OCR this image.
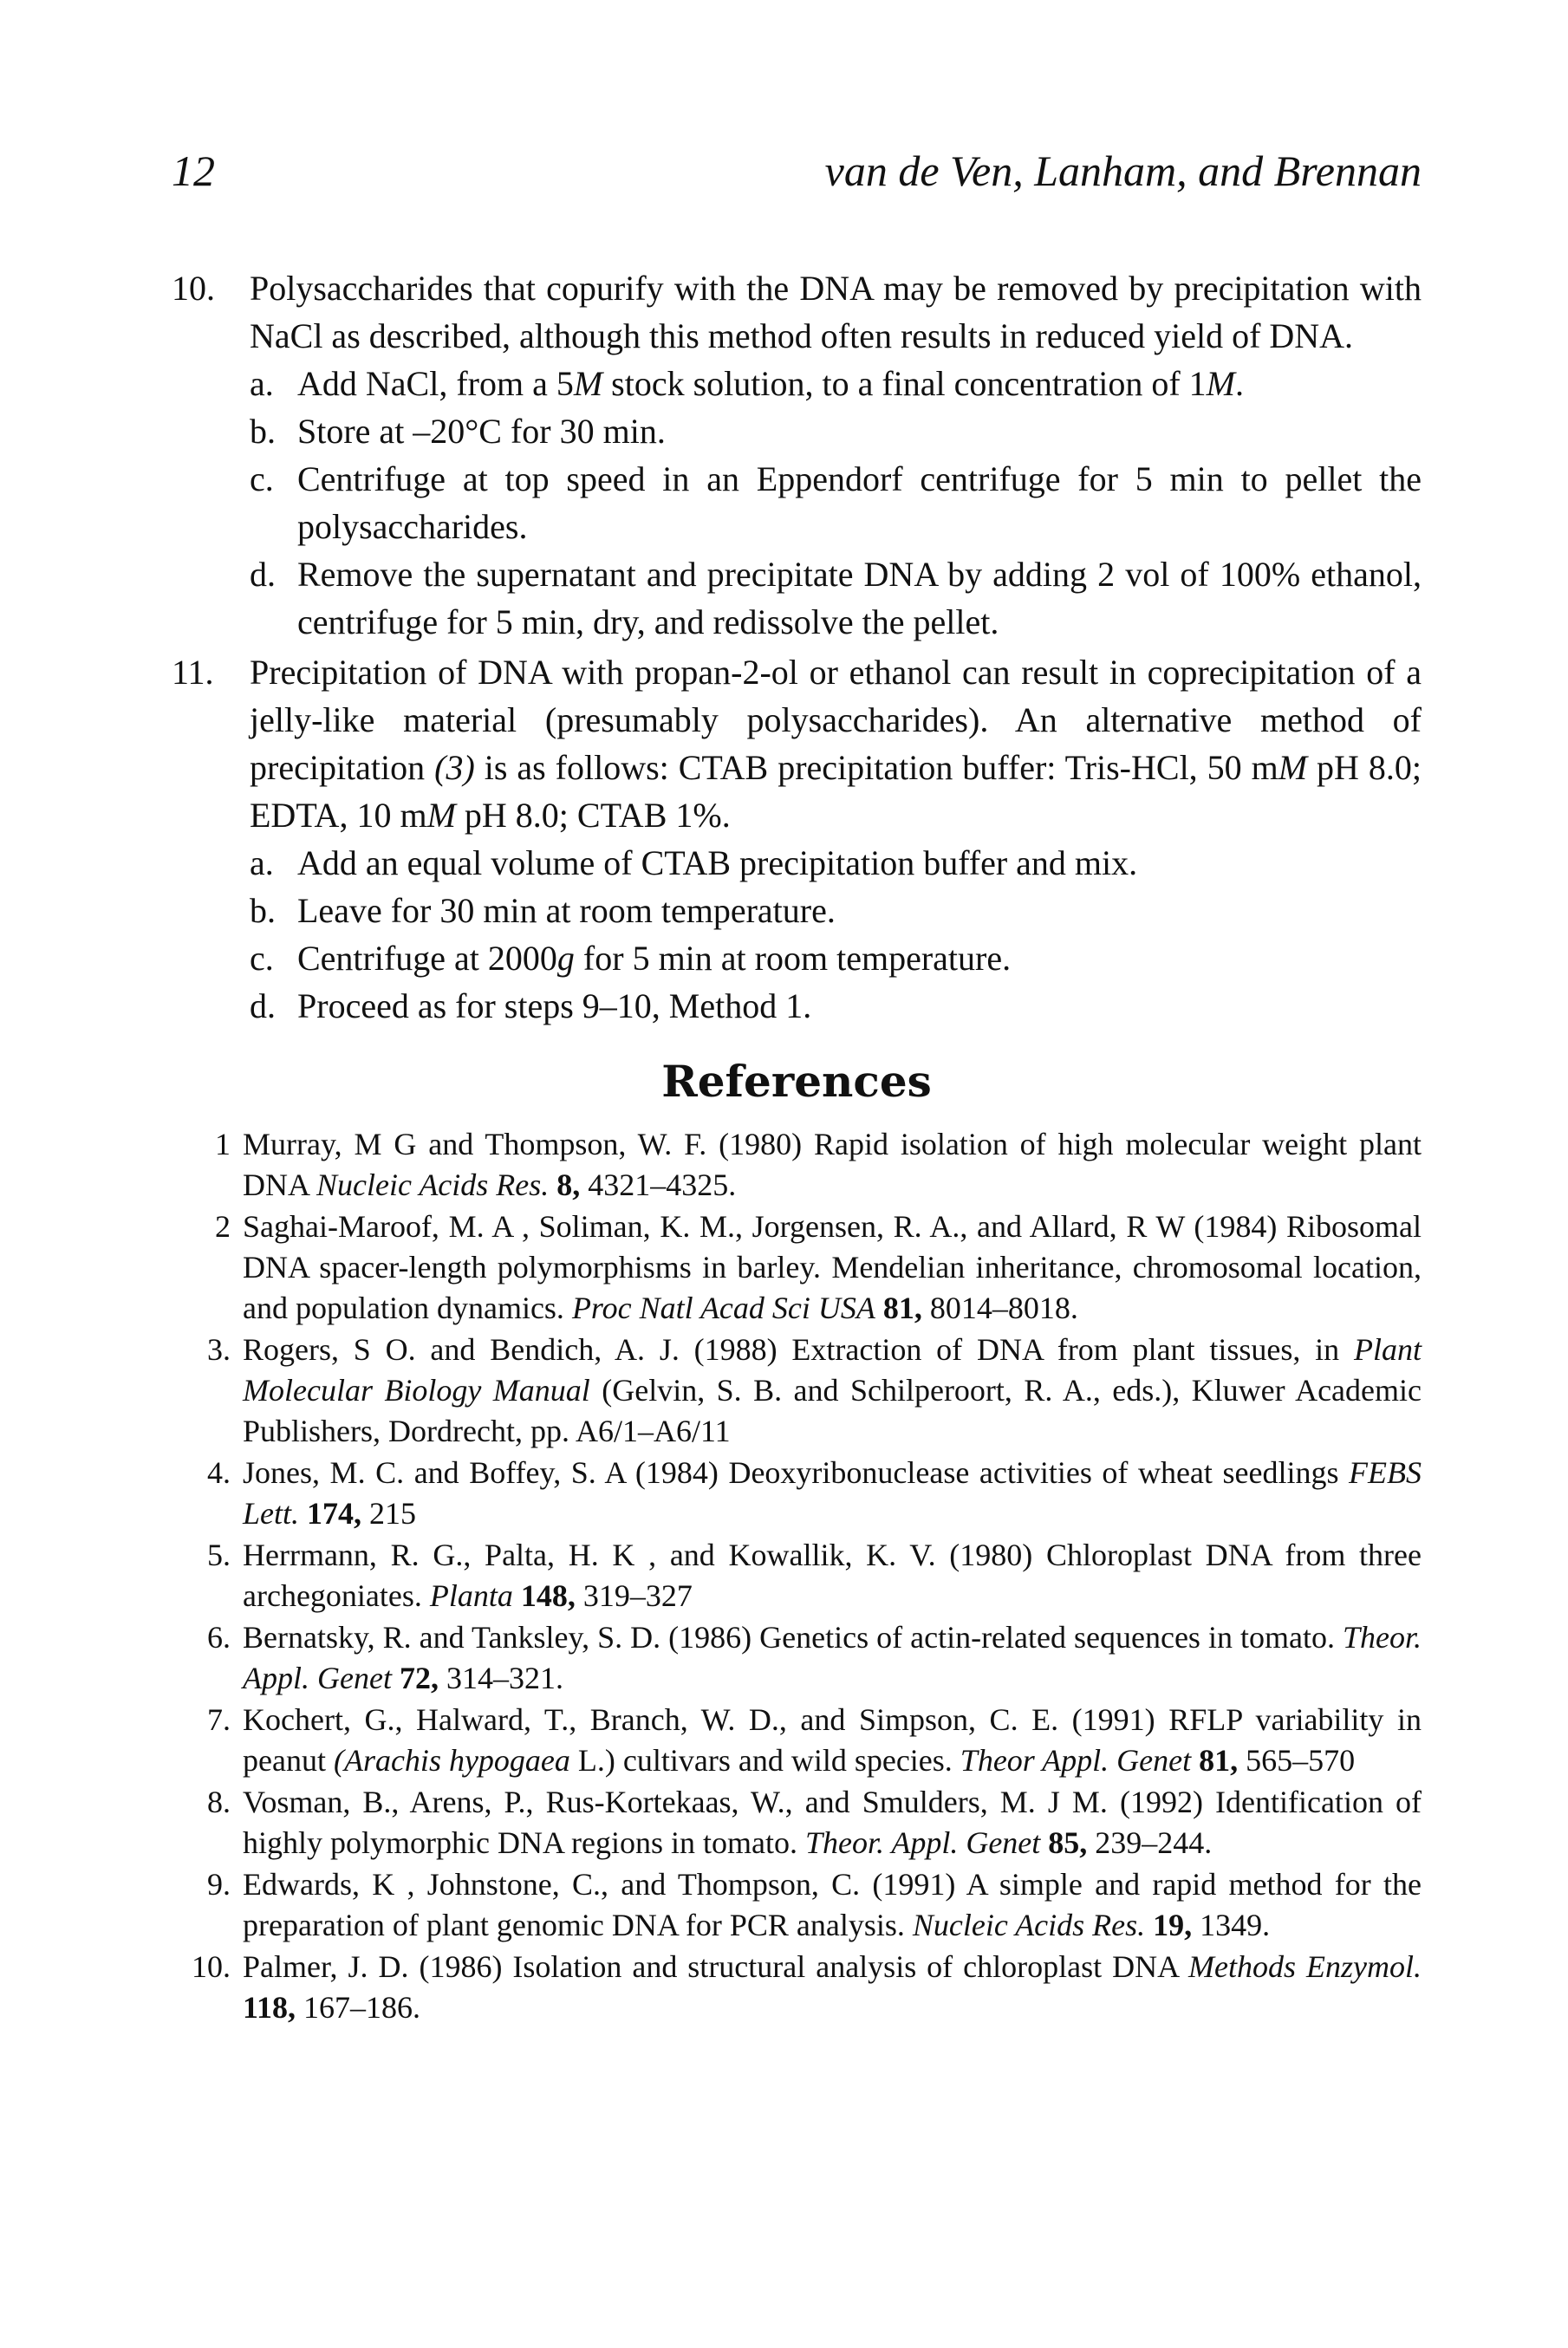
12	van de Ven, Lanham, and Brennan
10.	Polysaccharides that copurify with the DNA may be removed by precipitation with NaCl as described, although this method often results in reduced yield of DNA.
a. Add NaCl, from a 5M stock solution, to a final concentration of 1M.
b. Store at –20°C for 30 min.
c. Centrifuge at top speed in an Eppendorf centrifuge for 5 min to pellet the polysaccharides.
d. Remove the supernatant and precipitate DNA by adding 2 vol of 100% ethanol, centrifuge for 5 min, dry, and redissolve the pellet.
11.	Precipitation of DNA with propan-2-ol or ethanol can result in coprecipitation of a jelly-like material (presumably polysaccharides). An alternative method of precipitation (3) is as follows: CTAB precipitation buffer: Tris-HCl, 50 mM pH 8.0; EDTA, 10 mM pH 8.0; CTAB 1%.
a. Add an equal volume of CTAB precipitation buffer and mix.
b. Leave for 30 min at room temperature.
c. Centrifuge at 2000g for 5 min at room temperature.
d. Proceed as for steps 9–10, Method 1.
References
1 Murray, M G and Thompson, W. F. (1980) Rapid isolation of high molecular weight plant DNA Nucleic Acids Res. 8, 4321–4325.
2 Saghai-Maroof, M. A , Soliman, K. M., Jorgensen, R. A., and Allard, R W (1984) Ribosomal DNA spacer-length polymorphisms in barley. Mendelian inheritance, chromosomal location, and population dynamics. Proc Natl Acad Sci USA 81, 8014–8018.
3. Rogers, S O. and Bendich, A. J. (1988) Extraction of DNA from plant tissues, in Plant Molecular Biology Manual (Gelvin, S. B. and Schilperoort, R. A., eds.), Kluwer Academic Publishers, Dordrecht, pp. A6/1–A6/11
4. Jones, M. C. and Boffey, S. A (1984) Deoxyribonuclease activities of wheat seedlings FEBS Lett. 174, 215
5. Herrmann, R. G., Palta, H. K , and Kowallik, K. V. (1980) Chloroplast DNA from three archegoniates. Planta 148, 319–327
6. Bernatsky, R. and Tanksley, S. D. (1986) Genetics of actin-related sequences in tomato. Theor. Appl. Genet 72, 314–321.
7. Kochert, G., Halward, T., Branch, W. D., and Simpson, C. E. (1991) RFLP variability in peanut (Arachis hypogaea L.) cultivars and wild species. Theor Appl. Genet 81, 565–570
8. Vosman, B., Arens, P., Rus-Kortekaas, W., and Smulders, M. J M. (1992) Identification of highly polymorphic DNA regions in tomato. Theor. Appl. Genet 85, 239–244.
9. Edwards, K , Johnstone, C., and Thompson, C. (1991) A simple and rapid method for the preparation of plant genomic DNA for PCR analysis. Nucleic Acids Res. 19, 1349.
10. Palmer, J. D. (1986) Isolation and structural analysis of chloroplast DNA Methods Enzymol. 118, 167–186.
